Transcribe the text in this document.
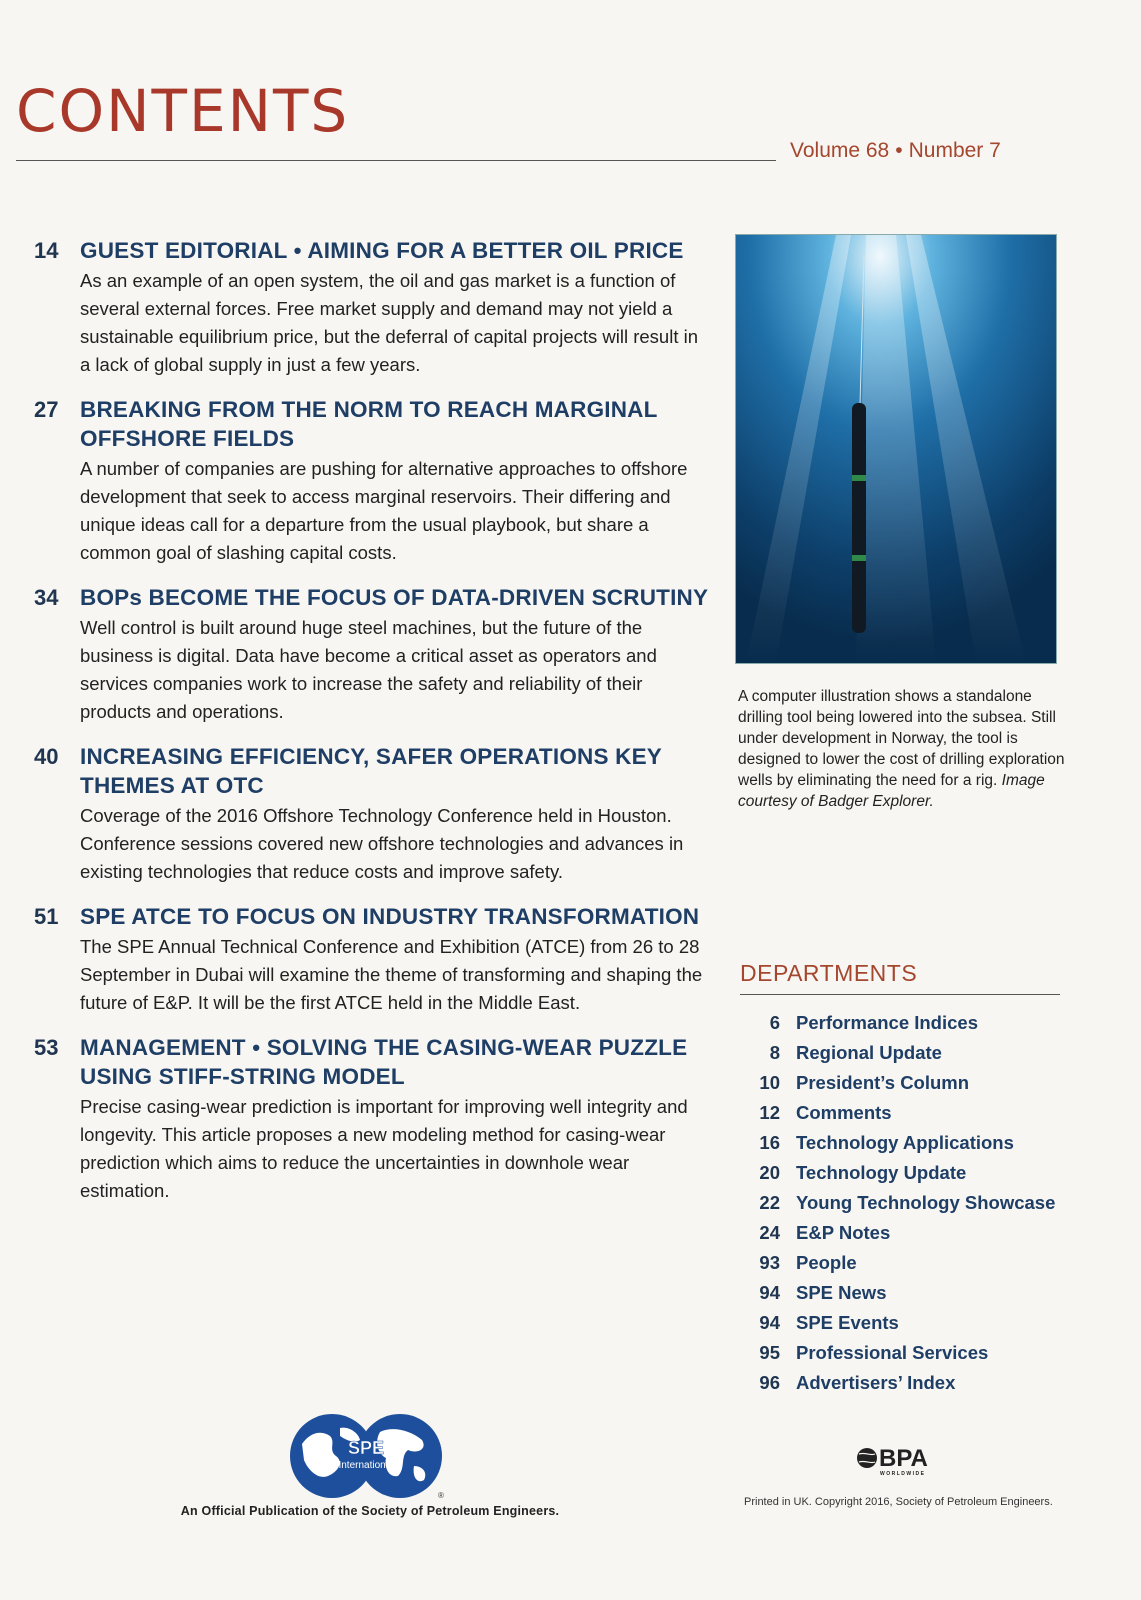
CONTENTS
Volume 68 • Number 7
14 GUEST EDITORIAL • AIMING FOR A BETTER OIL PRICE
As an example of an open system, the oil and gas market is a function of several external forces. Free market supply and demand may not yield a sustainable equilibrium price, but the deferral of capital projects will result in a lack of global supply in just a few years.
27 BREAKING FROM THE NORM TO REACH MARGINAL OFFSHORE FIELDS
A number of companies are pushing for alternative approaches to offshore development that seek to access marginal reservoirs. Their differing and unique ideas call for a departure from the usual playbook, but share a common goal of slashing capital costs.
34 BOPs BECOME THE FOCUS OF DATA-DRIVEN SCRUTINY
Well control is built around huge steel machines, but the future of the business is digital. Data have become a critical asset as operators and services companies work to increase the safety and reliability of their products and operations.
40 INCREASING EFFICIENCY, SAFER OPERATIONS KEY THEMES AT OTC
Coverage of the 2016 Offshore Technology Conference held in Houston. Conference sessions covered new offshore technologies and advances in existing technologies that reduce costs and improve safety.
51 SPE ATCE TO FOCUS ON INDUSTRY TRANSFORMATION
The SPE Annual Technical Conference and Exhibition (ATCE) from 26 to 28 September in Dubai will examine the theme of transforming and shaping the future of E&P. It will be the first ATCE held in the Middle East.
53 MANAGEMENT • SOLVING THE CASING-WEAR PUZZLE USING STIFF-STRING MODEL
Precise casing-wear prediction is important for improving well integrity and longevity. This article proposes a new modeling method for casing-wear prediction which aims to reduce the uncertainties in downhole wear estimation.
A computer illustration shows a standalone drilling tool being lowered into the subsea. Still under development in Norway, the tool is designed to lower the cost of drilling exploration wells by eliminating the need for a rig. Image courtesy of Badger Explorer.
DEPARTMENTS
6 Performance Indices
8 Regional Update
10 President’s Column
12 Comments
16 Technology Applications
20 Technology Update
22 Young Technology Showcase
24 E&P Notes
93 People
94 SPE News
94 SPE Events
95 Professional Services
96 Advertisers’ Index
SPE
International
®
An Official Publication of the Society of Petroleum Engineers.
BPA
WORLDWIDE
Printed in UK. Copyright 2016, Society of Petroleum Engineers.
